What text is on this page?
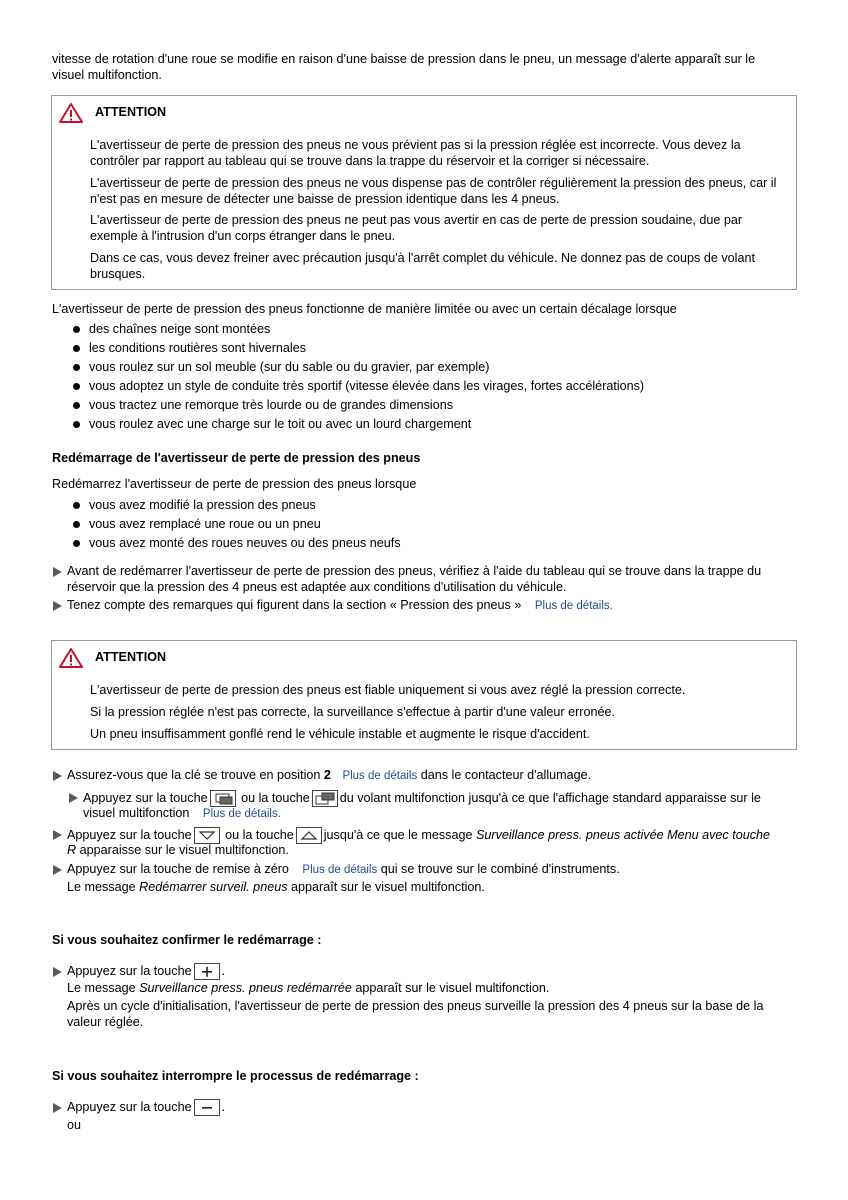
vitesse de rotation d'une roue se modifie en raison d'une baisse de pression dans le pneu, un message d'alerte apparaît sur le
visuel multifonction.
ATTENTION

L'avertisseur de perte de pression des pneus ne vous prévient pas si la pression réglée est incorrecte. Vous devez la contrôler par rapport au tableau qui se trouve dans la trappe du réservoir et la corriger si nécessaire.

L'avertisseur de perte de pression des pneus ne vous dispense pas de contrôler régulièrement la pression des pneus, car il n'est pas en mesure de détecter une baisse de pression identique dans les 4 pneus.

L'avertisseur de perte de pression des pneus ne peut pas vous avertir en cas de perte de pression soudaine, due par exemple à l'intrusion d'un corps étranger dans le pneu.

Dans ce cas, vous devez freiner avec précaution jusqu'à l'arrêt complet du véhicule. Ne donnez pas de coups de volant brusques.

L'avertisseur de perte de pression des pneus fonctionne de manière limitée ou avec un certain décalage lorsque
des chaînes neige sont montées
les conditions routières sont hivernales
vous roulez sur un sol meuble (sur du sable ou du gravier, par exemple)
vous adoptez un style de conduite très sportif (vitesse élevée dans les virages, fortes accélérations)
vous tractez une remorque très lourde ou de grandes dimensions
vous roulez avec une charge sur le toit ou avec un lourd chargement
Redémarrage de l'avertisseur de perte de pression des pneus
Redémarrez l'avertisseur de perte de pression des pneus lorsque
vous avez modifié la pression des pneus
vous avez remplacé une roue ou un pneu
vous avez monté des roues neuves ou des pneus neufs
Avant de redémarrer l'avertisseur de perte de pression des pneus, vérifiez à l'aide du tableau qui se trouve dans la trappe du
réservoir que la pression des 4 pneus est adaptée aux conditions d'utilisation du véhicule.
Tenez compte des remarques qui figurent dans la section « Pression des pneus » Plus de détails.
ATTENTION

L'avertisseur de perte de pression des pneus est fiable uniquement si vous avez réglé la pression correcte.

Si la pression réglée n'est pas correcte, la surveillance s'effectue à partir d'une valeur erronée.

Un pneu insuffisamment gonflé rend le véhicule instable et augmente le risque d'accident.

Assurez-vous que la clé se trouve en position 2 Plus de détails dans le contacteur d'allumage.
Appuyez sur la touche	ou la touche du volant multifonction jusqu'à ce que l'affichage standard apparaisse sur le
visuel multifonction Plus de détails.
Appuyez sur la touche	ou la touche jusqu'à ce que le message Surveillance press. pneus activée Menu avec touche
R apparaisse sur le visuel multifonction.
Appuyez sur la touche de remise à zéro Plus de détails qui se trouve sur le combiné d'instruments.
Le message Redémarrer surveil. pneus apparaît sur le visuel multifonction.
Si vous souhaitez confirmer le redémarrage :
Appuyez sur la touche .
Le message Surveillance press. pneus redémarrée apparaît sur le visuel multifonction.
Après un cycle d'initialisation, l'avertisseur de perte de pression des pneus surveille la pression des 4 pneus sur la base de la
valeur réglée.
Si vous souhaitez interrompre le processus de redémarrage :
Appuyez sur la touche .
ou
